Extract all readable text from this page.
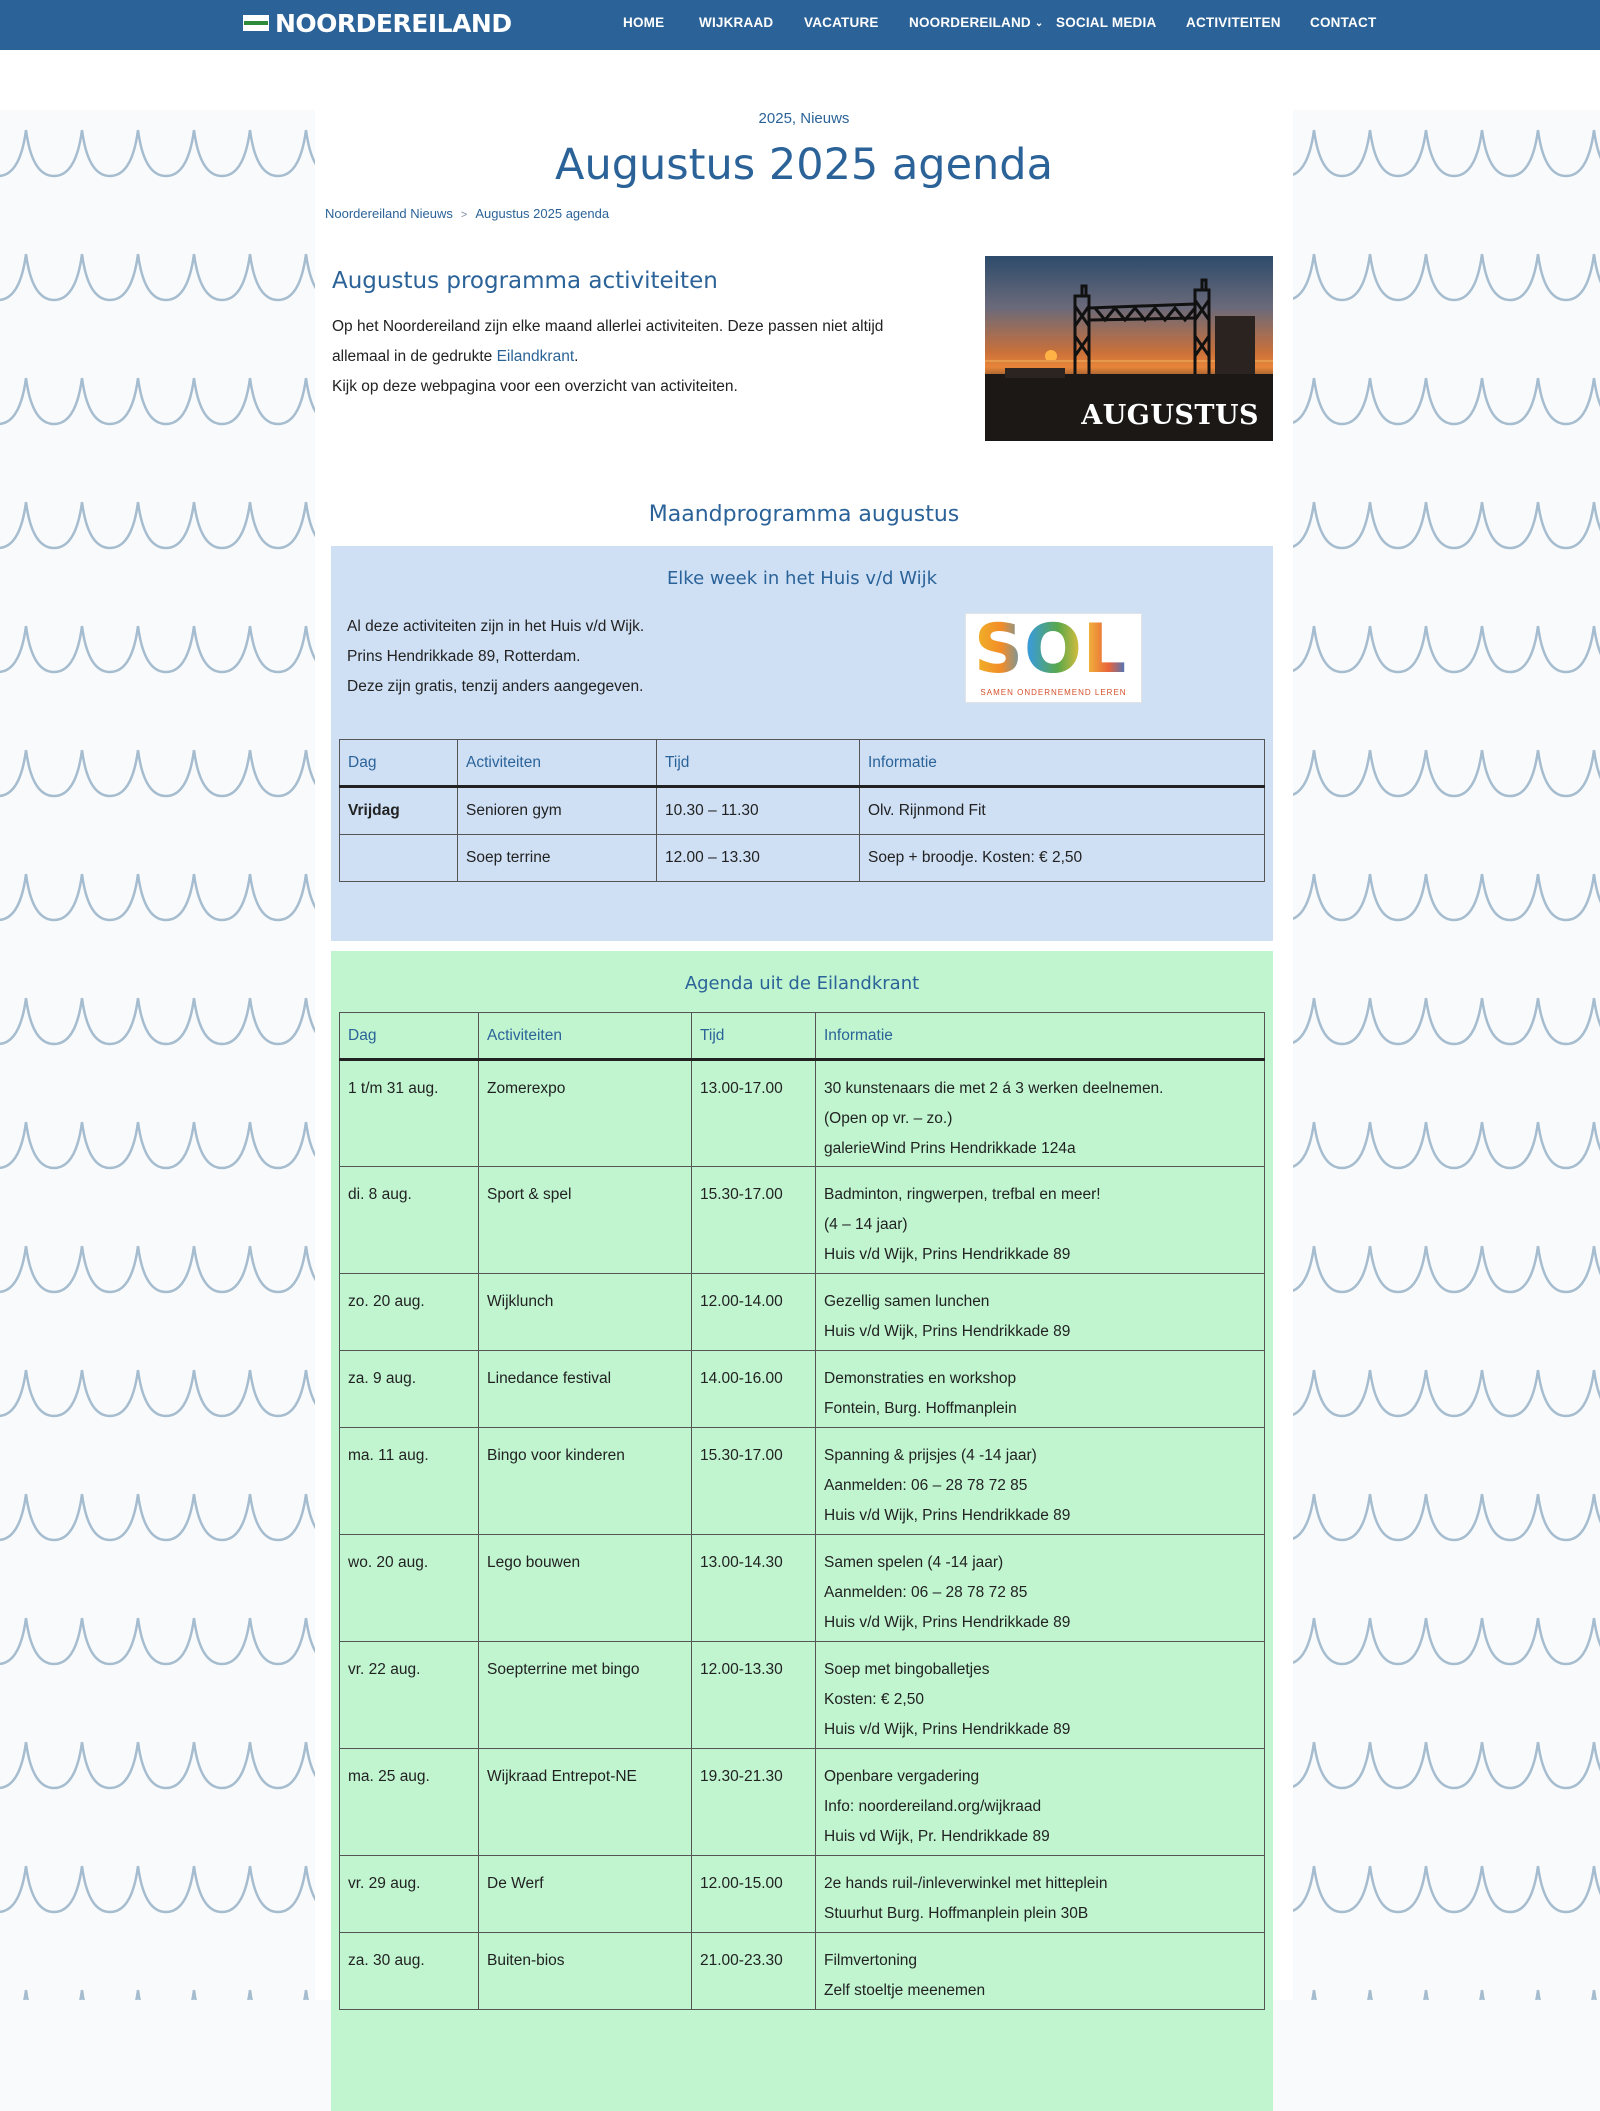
NOORDEREILAND	HOME	WIJKRAAD VACATURE NOORDEREILAND ⌄ SOCIAL MEDIA ACTIVITEITEN CONTACT
2025, Nieuws
Augustus 2025 agenda
Noordereiland Nieuws > Augustus 2025 agenda
Augustus programma activiteiten
Op het Noordereiland zijn elke maand allerlei activiteiten. Deze passen niet altijd allemaal in de gedrukte Eilandkrant.
Kijk op deze webpagina voor een overzicht van activiteiten.
AUGUSTUS
Maandprogramma augustus
Elke week in het Huis v/d Wijk
Al deze activiteiten zijn in het Huis v/d Wijk.
Prins Hendrikkade 89, Rotterdam.
Deze zijn gratis, tenzij anders aangegeven.	SOL
SAMEN ONDERNEMEND LEREN
Dag	Activiteiten	Tijd	Informatie
Vrijdag	Senioren gym	10.30 – 11.30	Olv. Rijnmond Fit
	Soep terrine	12.00 – 13.30	Soep + broodje. Kosten: € 2,50
Agenda uit de Eilandkrant
Dag	Activiteiten	Tijd	Informatie
1 t/m 31 aug.	Zomerexpo	13.00-17.00	30 kunstenaars die met 2 á 3 werken deelnemen.
(Open op vr. – zo.)
galerieWind Prins Hendrikkade 124a

di. 8 aug.	Sport & spel	15.30-17.00	Badminton, ringwerpen, trefbal en meer!
(4 – 14 jaar)
Huis v/d Wijk, Prins Hendrikkade 89

zo. 20 aug.	Wijklunch	12.00-14.00	Gezellig samen lunchen
Huis v/d Wijk, Prins Hendrikkade 89

za. 9 aug.	Linedance festival	14.00-16.00	Demonstraties en workshop
Fontein, Burg. Hoffmanplein

ma. 11 aug.	Bingo voor kinderen	15.30-17.00	Spanning & prijsjes (4 -14 jaar)
Aanmelden: 06 – 28 78 72 85
Huis v/d Wijk, Prins Hendrikkade 89

wo. 20 aug.	Lego bouwen	13.00-14.30	Samen spelen (4 -14 jaar)
Aanmelden: 06 – 28 78 72 85
Huis v/d Wijk, Prins Hendrikkade 89

vr. 22 aug.	Soepterrine met bingo	12.00-13.30	Soep met bingoballetjes
Kosten: € 2,50
Huis v/d Wijk, Prins Hendrikkade 89

ma. 25 aug.	Wijkraad Entrepot-NE	19.30-21.30	Openbare vergadering
Info: noordereiland.org/wijkraad
Huis vd Wijk, Pr. Hendrikkade 89

vr. 29 aug.	De Werf	12.00-15.00	2e hands ruil-/inleverwinkel met hitteplein
Stuurhut Burg. Hoffmanplein plein 30B

za. 30 aug.	Buiten-bios	21.00-23.30	Filmvertoning
Zelf stoeltje meenemen
